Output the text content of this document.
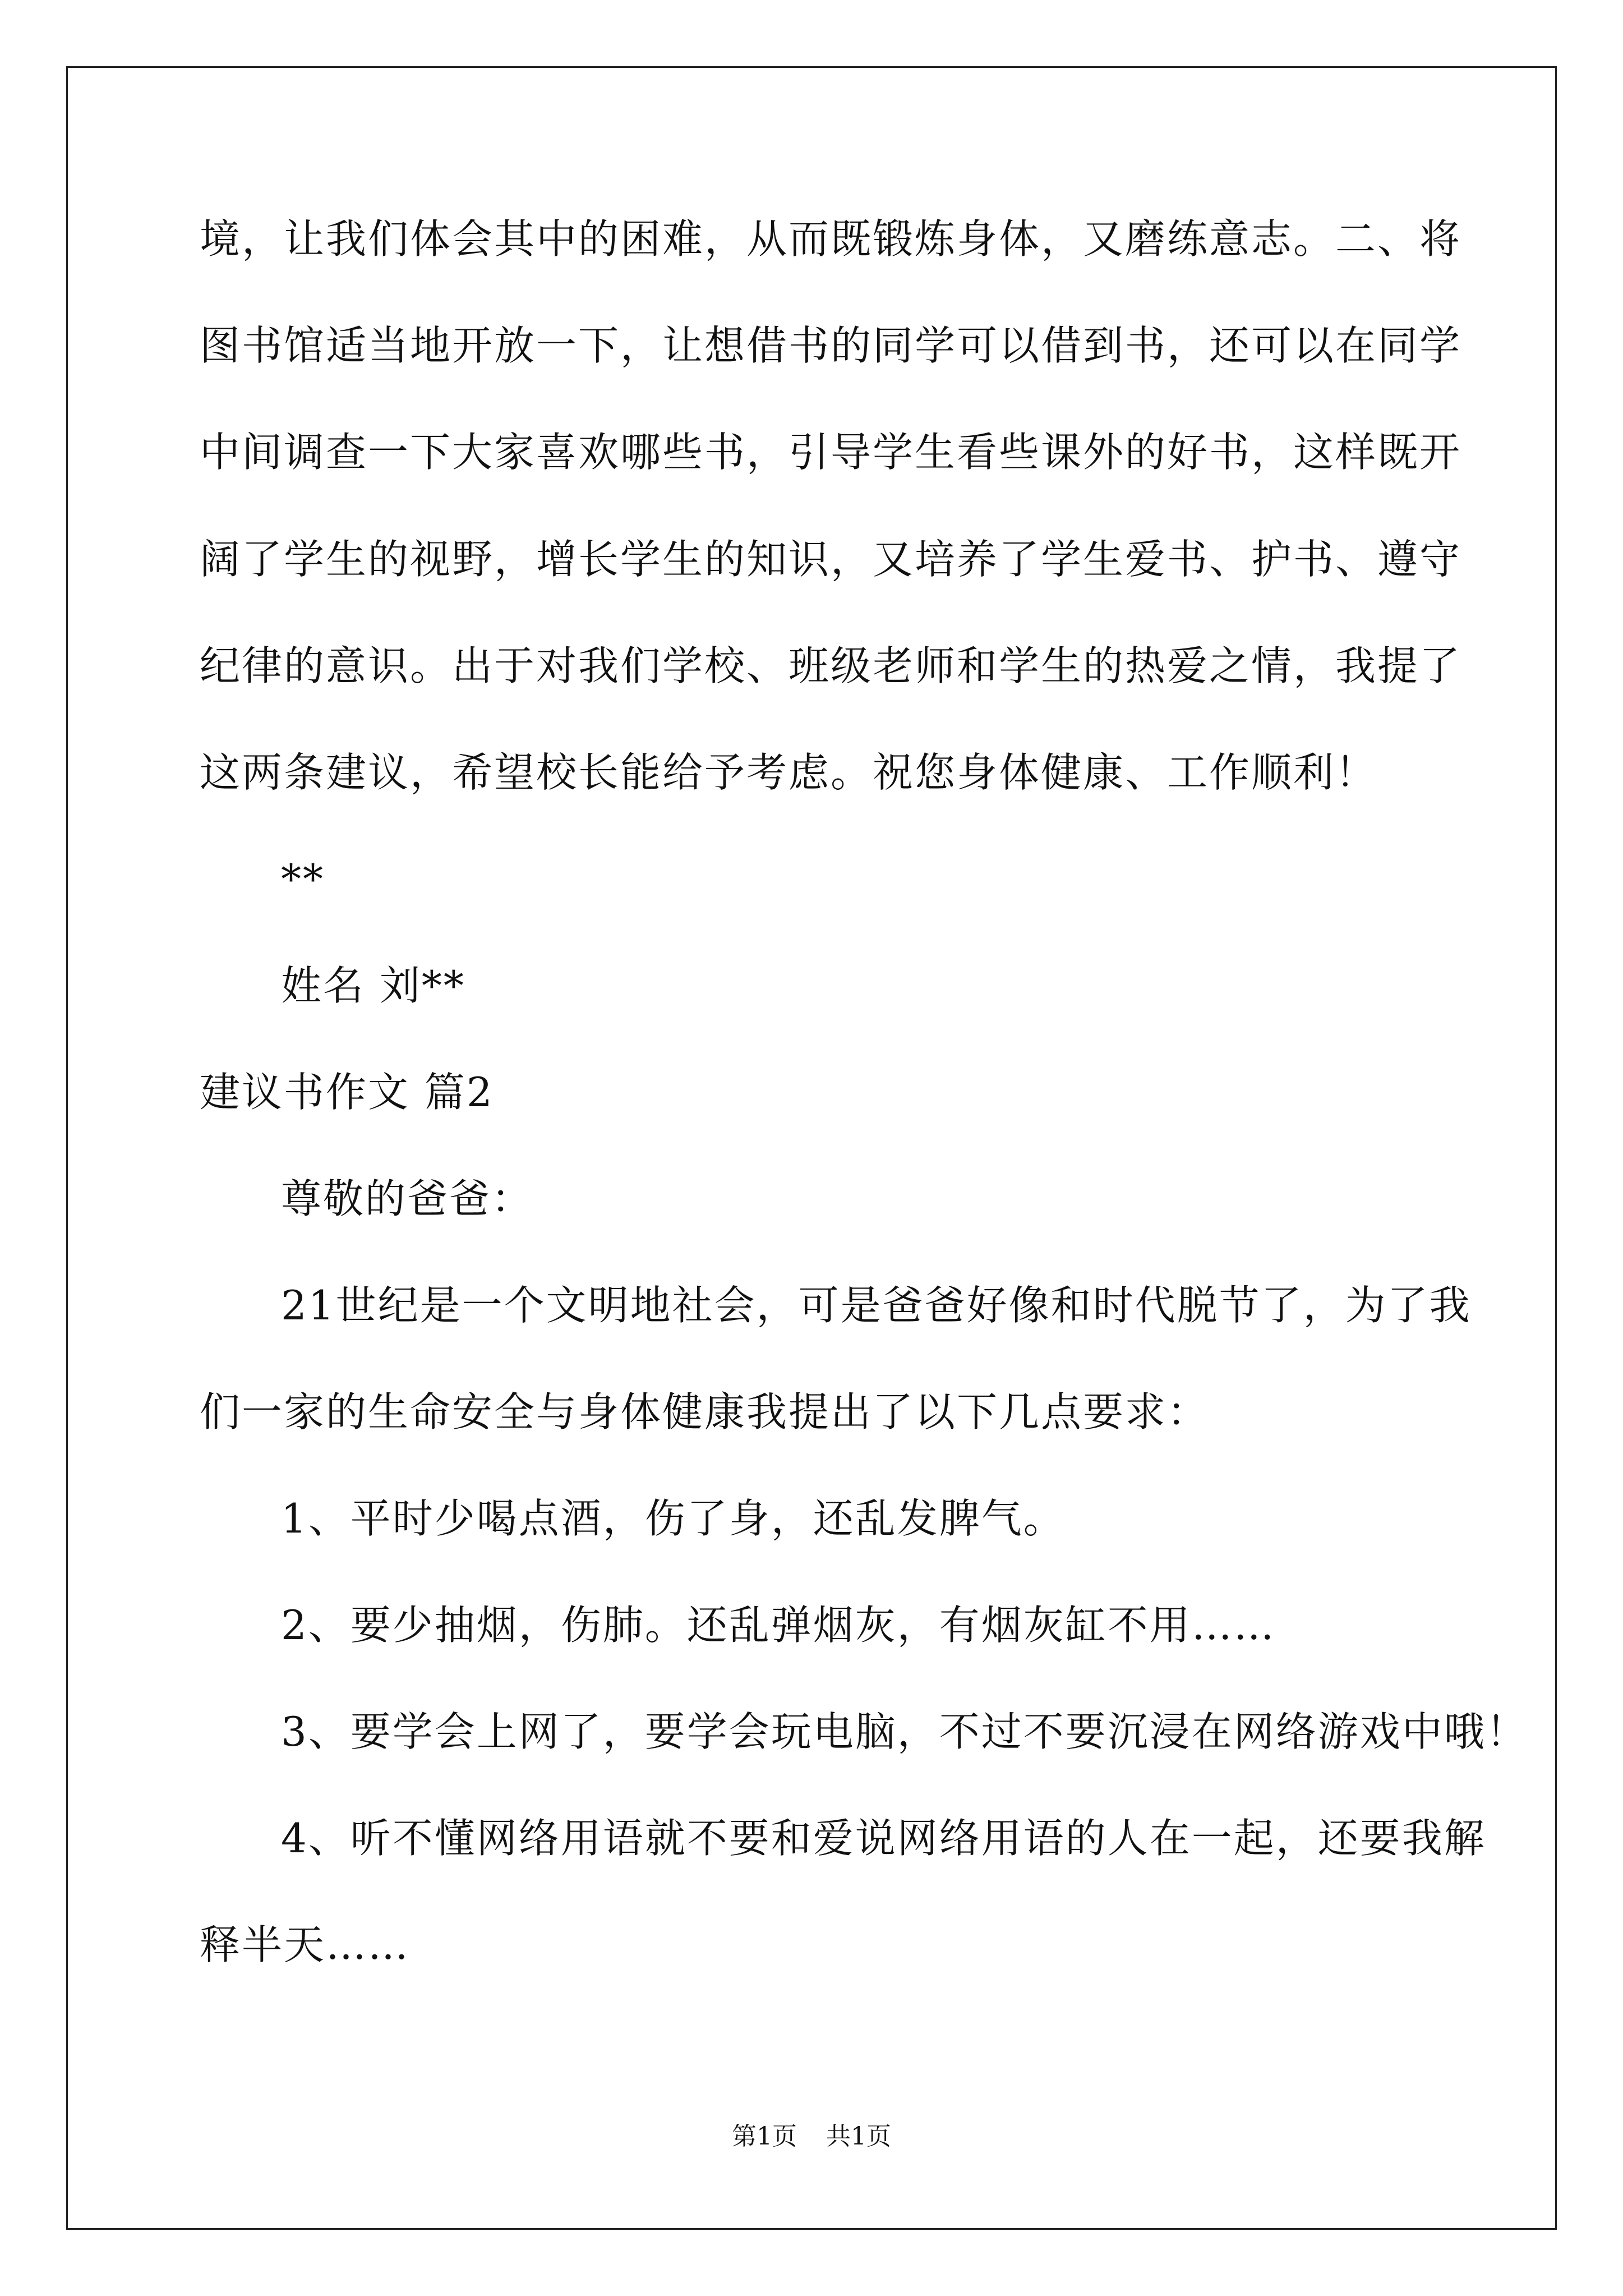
境，让我们体会其中的困难，从而既锻炼身体，又磨练意志。二、将
图书馆适当地开放一下，让想借书的同学可以借到书，还可以在同学
中间调查一下大家喜欢哪些书，引导学生看些课外的好书，这样既开
阔了学生的视野，增长学生的知识，又培养了学生爱书、护书、遵守
纪律的意识。出于对我们学校、班级老师和学生的热爱之情，我提了
这两条建议，希望校长能给予考虑。祝您身体健康、工作顺利！
**
姓名 刘**
建议书作文 篇2
尊敬的爸爸：
21世纪是一个文明地社会，可是爸爸好像和时代脱节了，为了我
们一家的生命安全与身体健康我提出了以下几点要求：
1、平时少喝点酒，伤了身，还乱发脾气。
2、要少抽烟，伤肺。还乱弹烟灰，有烟灰缸不用……
3、要学会上网了，要学会玩电脑，不过不要沉浸在网络游戏中哦！
4、听不懂网络用语就不要和爱说网络用语的人在一起，还要我解
释半天……
第1页 共1页
